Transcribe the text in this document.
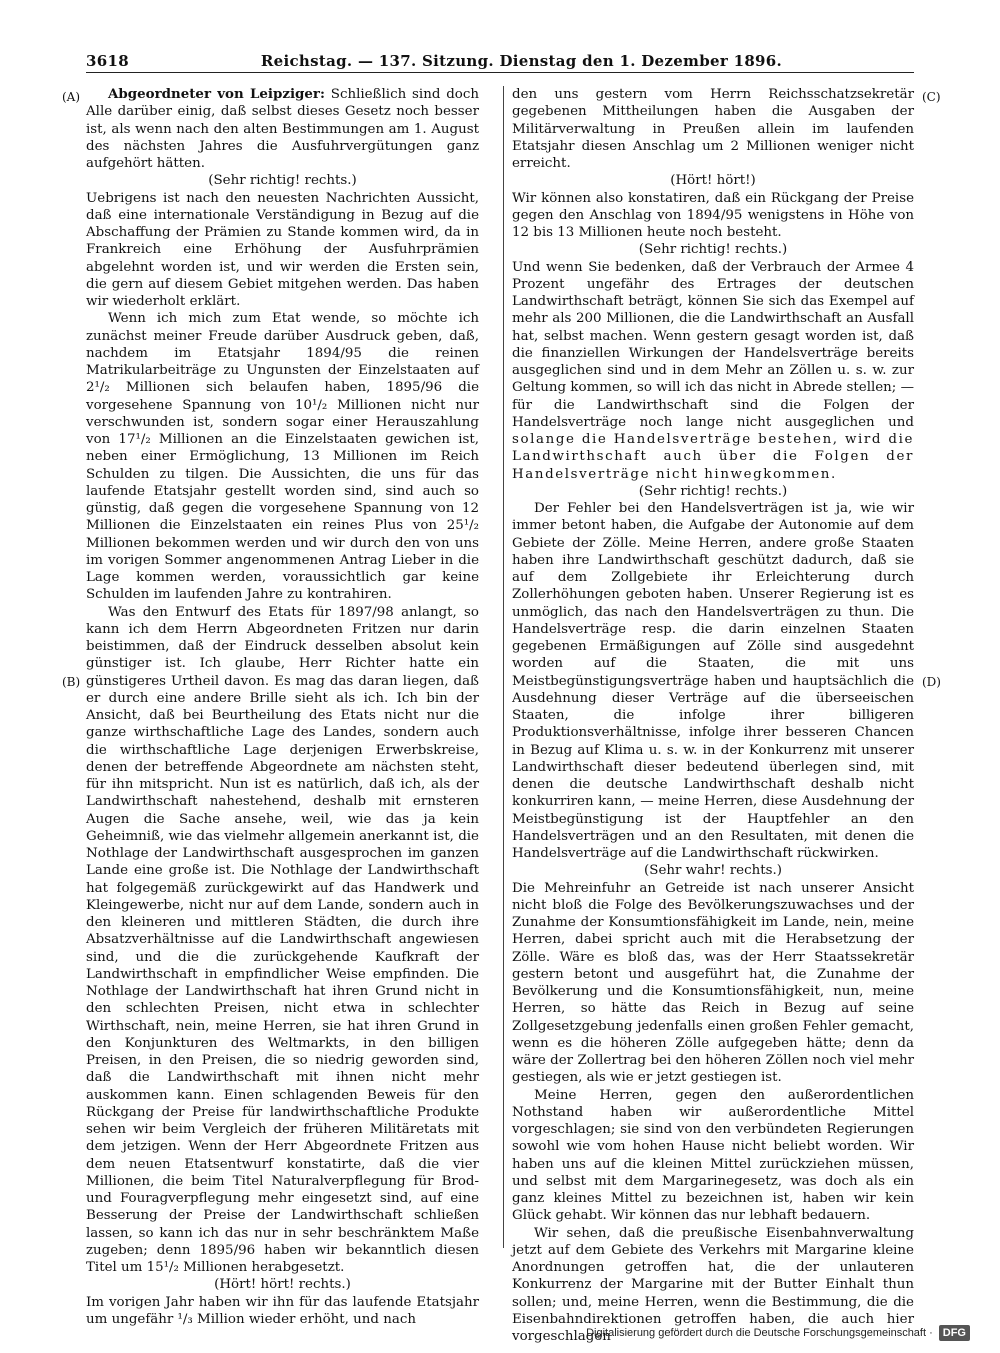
3618	Reichstag. — 137. Sitzung. Dienstag den 1. Dezember 1896.
(A)
(B)
(C)
(D)

Abgeordneter von Leipziger: Schließlich sind doch Alle darüber einig, daß selbst dieses Gesetz noch besser ist, als wenn nach den alten Bestimmungen am 1. August des nächsten Jahres die Ausfuhrvergütungen ganz aufgehört hätten.

(Sehr richtig! rechts.)

Uebrigens ist nach den neuesten Nachrichten Aussicht, daß eine internationale Verständigung in Bezug auf die Abschaffung der Prämien zu Stande kommen wird, da in Frankreich eine Erhöhung der Ausfuhrprämien abgelehnt worden ist, und wir werden die Ersten sein, die gern auf diesem Gebiet mitgehen werden. Das haben wir wiederholt erklärt.

Wenn ich mich zum Etat wende, so möchte ich zunächst meiner Freude darüber Ausdruck geben, daß, nachdem im Etatsjahr 1894/95 die reinen Matrikularbeiträge zu Ungunsten der Einzelstaaten auf 2¹/₂ Millionen sich belaufen haben, 1895/96 die vorgesehene Spannung von 10¹/₂ Millionen nicht nur verschwunden ist, sondern sogar einer Herauszahlung von 17¹/₂ Millionen an die Einzelstaaten gewichen ist, neben einer Ermöglichung, 13 Millionen im Reich Schulden zu tilgen. Die Aussichten, die uns für das laufende Etatsjahr gestellt worden sind, sind auch so günstig, daß gegen die vorgesehene Spannung von 12 Millionen die Einzelstaaten ein reines Plus von 25¹/₂ Millionen bekommen werden und wir durch den von uns im vorigen Sommer angenommenen Antrag Lieber in die Lage kommen werden, voraussichtlich gar keine Schulden im laufenden Jahre zu kontrahiren.

Was den Entwurf des Etats für 1897/98 anlangt, so kann ich dem Herrn Abgeordneten Fritzen nur darin beistimmen, daß der Eindruck desselben absolut kein günstiger ist. Ich glaube, Herr Richter hatte ein günstigeres Urtheil davon. Es mag das daran liegen, daß er durch eine andere Brille sieht als ich. Ich bin der Ansicht, daß bei Beurtheilung des Etats nicht nur die ganze wirthschaftliche Lage des Landes, sondern auch die wirthschaftliche Lage derjenigen Erwerbskreise, denen der betreffende Abgeordnete am nächsten steht, für ihn mitspricht. Nun ist es natürlich, daß ich, als der Landwirthschaft nahestehend, deshalb mit ernsteren Augen die Sache ansehe, weil, wie das ja kein Geheimniß, wie das vielmehr allgemein anerkannt ist, die Nothlage der Landwirthschaft ausgesprochen im ganzen Lande eine große ist. Die Nothlage der Landwirthschaft hat folgegemäß zurückgewirkt auf das Handwerk und Kleingewerbe, nicht nur auf dem Lande, sondern auch in den kleineren und mittleren Städten, die durch ihre Absatzverhältnisse auf die Landwirthschaft angewiesen sind, und die die zurückgehende Kaufkraft der Landwirthschaft in empfindlicher Weise empfinden. Die Nothlage der Landwirthschaft hat ihren Grund nicht in den schlechten Preisen, nicht etwa in schlechter Wirthschaft, nein, meine Herren, sie hat ihren Grund in den Konjunkturen des Weltmarkts, in den billigen Preisen, in den Preisen, die so niedrig geworden sind, daß die Landwirthschaft mit ihnen nicht mehr auskommen kann. Einen schlagenden Beweis für den Rückgang der Preise für landwirthschaftliche Produkte sehen wir beim Vergleich der früheren Militäretats mit dem jetzigen. Wenn der Herr Abgeordnete Fritzen aus dem neuen Etatsentwurf konstatirte, daß die vier Millionen, die beim Titel Naturalverpflegung für Brod- und Fouragverpflegung mehr eingesetzt sind, auf eine Besserung der Preise der Landwirthschaft schließen lassen, so kann ich das nur in sehr beschränktem Maße zugeben; denn 1895/96 haben wir bekanntlich diesen Titel um 15¹/₂ Millionen herabgesetzt.

(Hört! hört! rechts.)

Im vorigen Jahr haben wir ihn für das laufende Etatsjahr um ungefähr ¹/₃ Million wieder erhöht, und nach

den uns gestern vom Herrn Reichsschatzsekretär gegebenen Mittheilungen haben die Ausgaben der Militärverwaltung in Preußen allein im laufenden Etatsjahr diesen Anschlag um 2 Millionen weniger nicht erreicht.

(Hört! hört!)

Wir können also konstatiren, daß ein Rückgang der Preise gegen den Anschlag von 1894/95 wenigstens in Höhe von 12 bis 13 Millionen heute noch besteht.

(Sehr richtig! rechts.)

Und wenn Sie bedenken, daß der Verbrauch der Armee 4 Prozent ungefähr des Ertrages der deutschen Landwirthschaft beträgt, können Sie sich das Exempel auf mehr als 200 Millionen, die die Landwirthschaft an Ausfall hat, selbst machen. Wenn gestern gesagt worden ist, daß die finanziellen Wirkungen der Handelsverträge bereits ausgeglichen sind und in dem Mehr an Zöllen u. s. w. zur Geltung kommen, so will ich das nicht in Abrede stellen; — für die Landwirthschaft sind die Folgen der Handelsverträge noch lange nicht ausgeglichen und solange die Handelsverträge bestehen, wird die Landwirthschaft auch über die Folgen der Handelsverträge nicht hinwegkommen.

(Sehr richtig! rechts.)

Der Fehler bei den Handelsverträgen ist ja, wie wir immer betont haben, die Aufgabe der Autonomie auf dem Gebiete der Zölle. Meine Herren, andere große Staaten haben ihre Landwirthschaft geschützt dadurch, daß sie auf dem Zollgebiete ihr Erleichterung durch Zollerhöhungen geboten haben. Unserer Regierung ist es unmöglich, das nach den Handelsverträgen zu thun. Die Handelsverträge resp. die darin einzelnen Staaten gegebenen Ermäßigungen auf Zölle sind ausgedehnt worden auf die Staaten, die mit uns Meistbegünstigungsverträge haben und hauptsächlich die Ausdehnung dieser Verträge auf die überseeischen Staaten, die infolge ihrer billigeren Produktionsverhältnisse, infolge ihrer besseren Chancen in Bezug auf Klima u. s. w. in der Konkurrenz mit unserer Landwirthschaft dieser bedeutend überlegen sind, mit denen die deutsche Landwirthschaft deshalb nicht konkurriren kann, — meine Herren, diese Ausdehnung der Meistbegünstigung ist der Hauptfehler an den Handelsverträgen und an den Resultaten, mit denen die Handelsverträge auf die Landwirthschaft rückwirken.

(Sehr wahr! rechts.)

Die Mehreinfuhr an Getreide ist nach unserer Ansicht nicht bloß die Folge des Bevölkerungszuwachses und der Zunahme der Konsumtionsfähigkeit im Lande, nein, meine Herren, dabei spricht auch mit die Herabsetzung der Zölle. Wäre es bloß das, was der Herr Staatssekretär gestern betont und ausgeführt hat, die Zunahme der Bevölkerung und die Konsumtionsfähigkeit, nun, meine Herren, so hätte das Reich in Bezug auf seine Zollgesetzgebung jedenfalls einen großen Fehler gemacht, wenn es die höheren Zölle aufgegeben hätte; denn da wäre der Zollertrag bei den höheren Zöllen noch viel mehr gestiegen, als wie er jetzt gestiegen ist.

Meine Herren, gegen den außerordentlichen Nothstand haben wir außerordentliche Mittel vorgeschlagen; sie sind von den verbündeten Regierungen sowohl wie vom hohen Hause nicht beliebt worden. Wir haben uns auf die kleinen Mittel zurückziehen müssen, und selbst mit dem Margarinegesetz, was doch als ein ganz kleines Mittel zu bezeichnen ist, haben wir kein Glück gehabt. Wir können das nur lebhaft bedauern.

Wir sehen, daß die preußische Eisenbahnverwaltung jetzt auf dem Gebiete des Verkehrs mit Margarine kleine Anordnungen getroffen hat, die der unlauteren Konkurrenz der Margarine mit der Butter Einhalt thun sollen; und, meine Herren, wenn die Bestimmung, die die Eisenbahndirektionen getroffen haben, die auch hier vorgeschlagen

Digitalisierung gefördert durch die Deutsche Forschungsgemeinschaft · DFG
